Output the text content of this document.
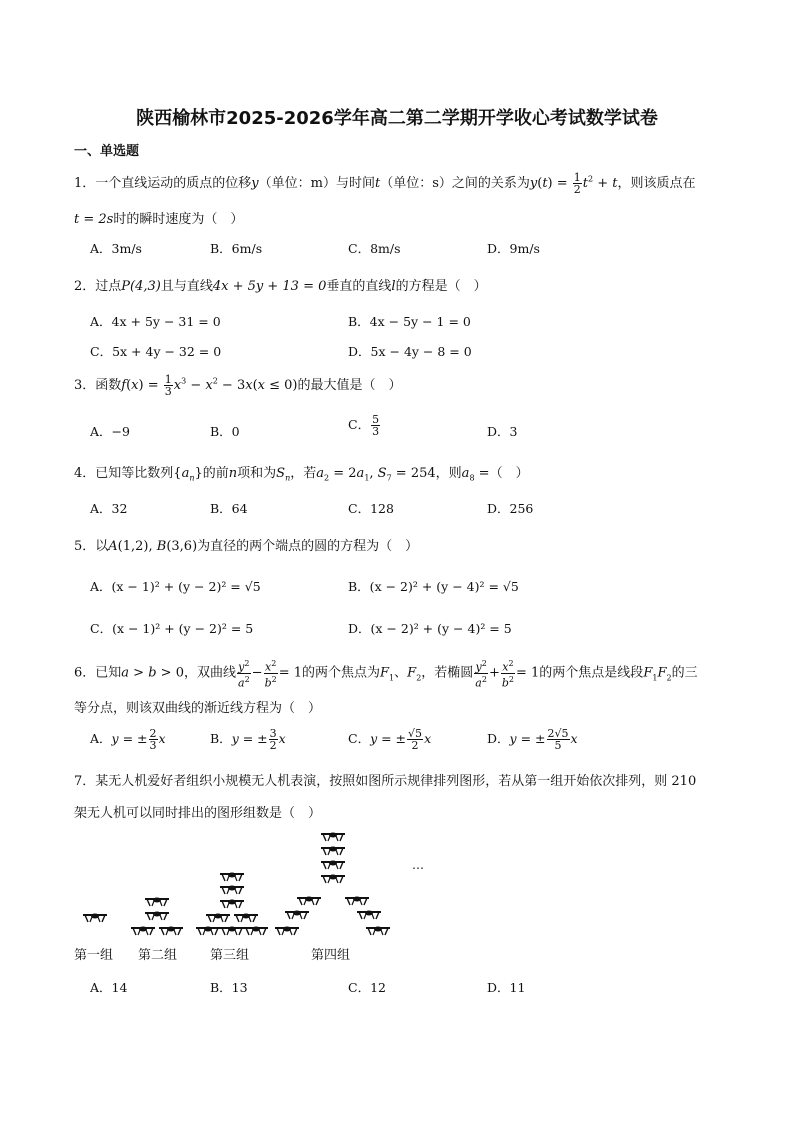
陕西榆林市2025-2026学年高二第二学期开学收心考试数学试卷
一、单选题
1．一个直线运动的质点的位移y（单位：m）与时间t（单位：s）之间的关系为$y(t) = \frac{1}{2} t^2 + t$，则该质点在
t = 2s时的瞬时速度为（　）
A．3m/s	B．6m/s	C．8m/s	D．9m/s
2．过点P(4,3)且与直线4x + 5y + 13 = 0垂直的直线l的方程是（　）
A．4x + 5y − 31 = 0	B．4x − 5y − 1 = 0
C．5x + 4y − 32 = 0	D．5x − 4y − 8 = 0
3．函数$f(x) = \frac{1}{3} x^3 - x^2 - 3x(x \le 0)$的最大值是（　）
A．−9	B．0	C． $\frac{5}{3}$	D．3
4．已知等比数列$\{a_n\}$的前n项和为$S_n$，若$a_2 = 2a_1$, $S_7 = 254$，则$a_8$ =（　）
A．32	B．64	C．128	D．256
5．以A(1,2), B(3,6)为直径的两个端点的圆的方程为（　）
A．(x − 1)² + (y − 2)² = √5	B．(x − 2)² + (y − 4)² = √5
C．(x − 1)² + (y − 2)² = 5	D．(x − 2)² + (y − 4)² = 5
6．已知a > b > 0，双曲线 $\frac{y^2}{a^2} - \frac{x^2}{b^2} = 1$的两个焦点为$F_1$、$F_2$，若椭圆 $\frac{y^2}{a^2} + \frac{x^2}{b^2} = 1$的两个焦点是线段$F_1F_2$的三
等分点，则该双曲线的渐近线方程为（　）
A．y = ± $\frac{2}{3}$ x	B．y = ± $\frac{3}{2}$ x	C．y = ± $\frac{√5}{2}$ x	D．y = ± $\frac{2√5}{5}$ x
7．某无人机爱好者组织小规模无人机表演，按照如图所示规律排列图形，若从第一组开始依次排列，则 210
架无人机可以同时排出的图形组数是（　）
…
第一组 第二组	第三组	第四组
A．14	B．13	C．12	D．11
